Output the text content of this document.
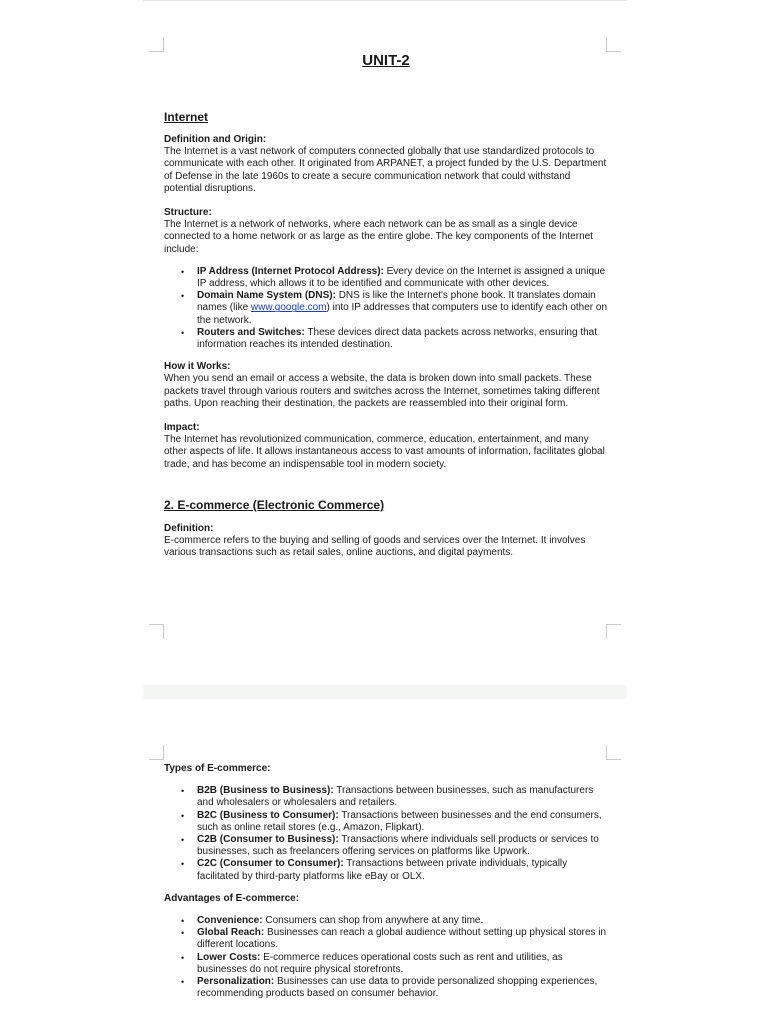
UNIT-2
Internet
Definition and Origin:
The Internet is a vast network of computers connected globally that use standardized protocols to communicate with each other. It originated from ARPANET, a project funded by the U.S. Department of Defense in the late 1960s to create a secure communication network that could withstand potential disruptions.
Structure:
The Internet is a network of networks, where each network can be as small as a single device connected to a home network or as large as the entire globe. The key components of the Internet include:
• IP Address (Internet Protocol Address): Every device on the Internet is assigned a unique IP address, which allows it to be identified and communicate with other devices.
• Domain Name System (DNS): DNS is like the Internet's phone book. It translates domain names (like www.google.com) into IP addresses that computers use to identify each other on the network.
• Routers and Switches: These devices direct data packets across networks, ensuring that information reaches its intended destination.
How it Works:
When you send an email or access a website, the data is broken down into small packets. These packets travel through various routers and switches across the Internet, sometimes taking different paths. Upon reaching their destination, the packets are reassembled into their original form.
Impact:
The Internet has revolutionized communication, commerce, education, entertainment, and many other aspects of life. It allows instantaneous access to vast amounts of information, facilitates global trade, and has become an indispensable tool in modern society.
2. E-commerce (Electronic Commerce)
Definition:
E-commerce refers to the buying and selling of goods and services over the Internet. It involves various transactions such as retail sales, online auctions, and digital payments.
Types of E-commerce:
• B2B (Business to Business): Transactions between businesses, such as manufacturers and wholesalers or wholesalers and retailers.
• B2C (Business to Consumer): Transactions between businesses and the end consumers, such as online retail stores (e.g., Amazon, Flipkart).
• C2B (Consumer to Business): Transactions where individuals sell products or services to businesses, such as freelancers offering services on platforms like Upwork.
• C2C (Consumer to Consumer): Transactions between private individuals, typically facilitated by third-party platforms like eBay or OLX.
Advantages of E-commerce:
• Convenience: Consumers can shop from anywhere at any time.
• Global Reach: Businesses can reach a global audience without setting up physical stores in different locations.
• Lower Costs: E-commerce reduces operational costs such as rent and utilities, as businesses do not require physical storefronts.
• Personalization: Businesses can use data to provide personalized shopping experiences, recommending products based on consumer behavior.
